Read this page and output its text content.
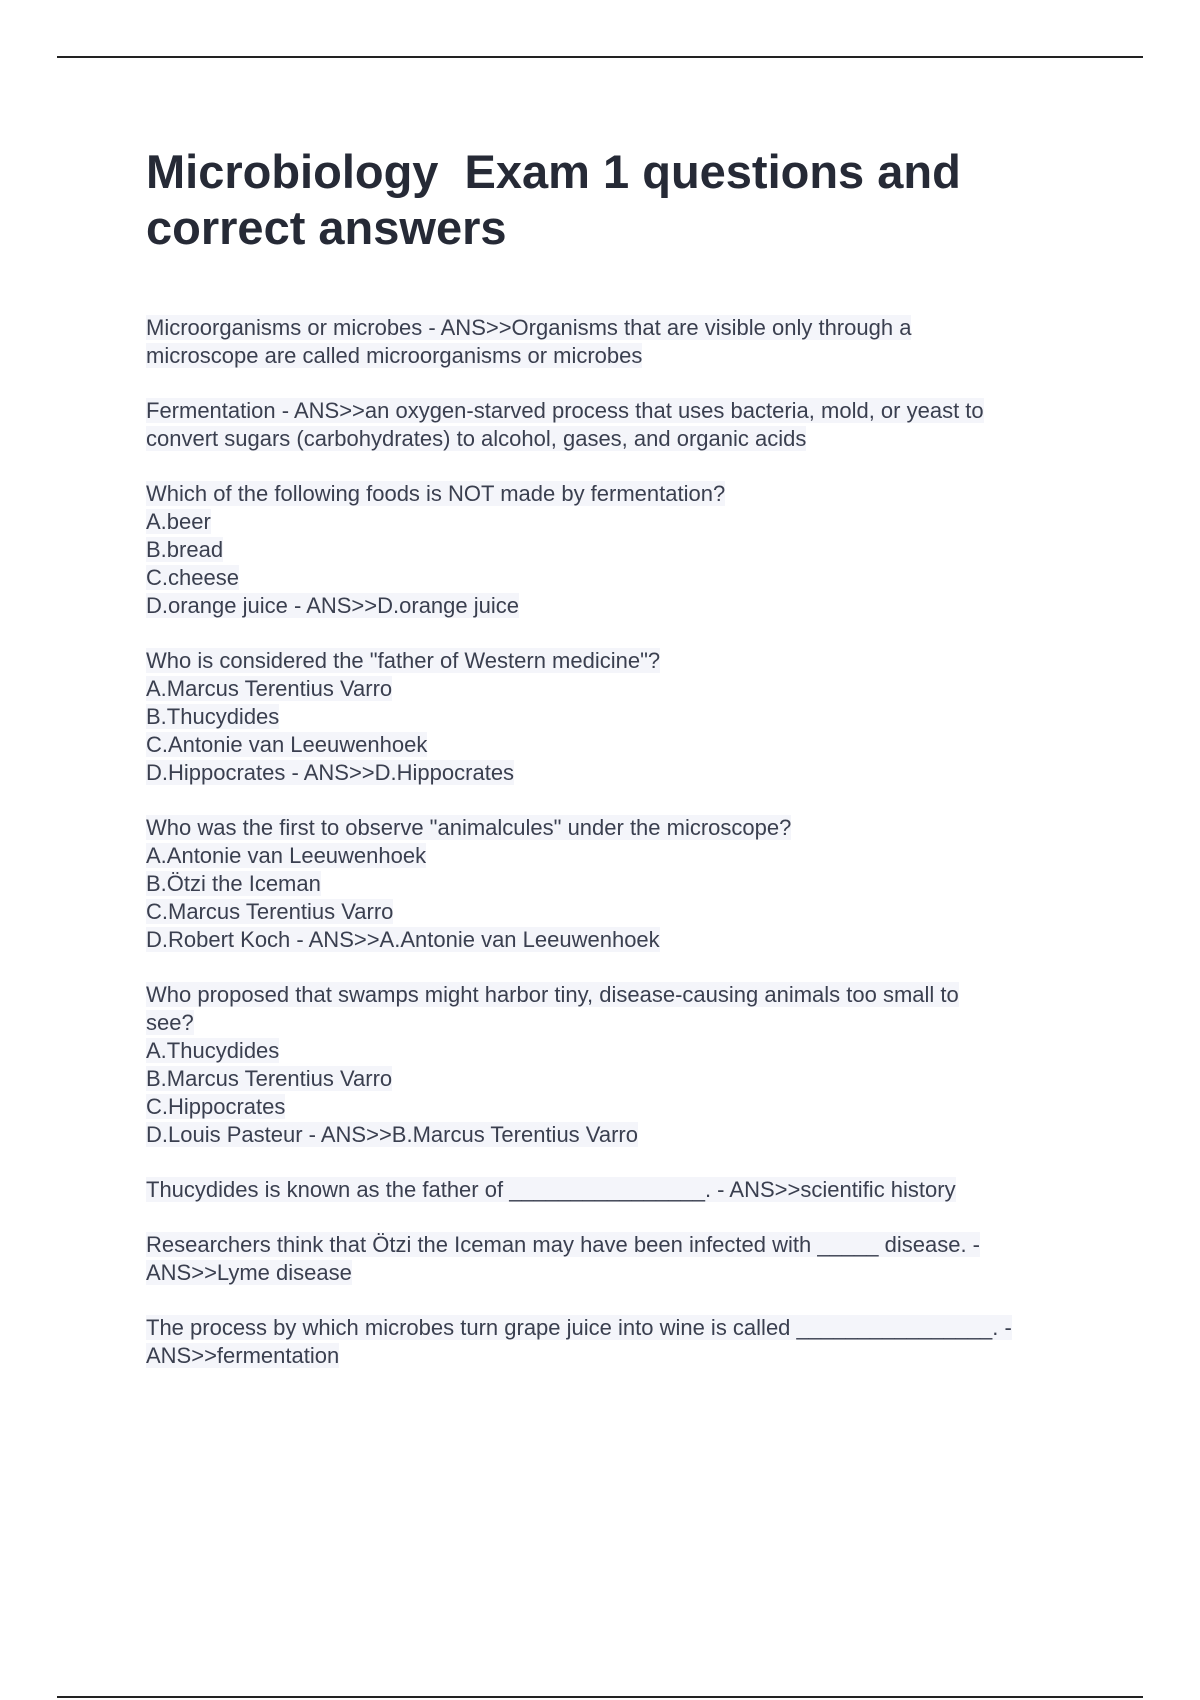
Microbiology  Exam 1 questions and
correct answers
Microorganisms or microbes - ANS>>Organisms that are visible only through a
microscope are called microorganisms or microbes
Fermentation - ANS>>an oxygen-starved process that uses bacteria, mold, or yeast to
convert sugars (carbohydrates) to alcohol, gases, and organic acids
Which of the following foods is NOT made by fermentation?
A.beer
B.bread
C.cheese
D.orange juice - ANS>>D.orange juice
Who is considered the "father of Western medicine"?
A.Marcus Terentius Varro
B.Thucydides
C.Antonie van Leeuwenhoek
D.Hippocrates - ANS>>D.Hippocrates
Who was the first to observe "animalcules" under the microscope?
A.Antonie van Leeuwenhoek
B.Ötzi the Iceman
C.Marcus Terentius Varro
D.Robert Koch - ANS>>A.Antonie van Leeuwenhoek
Who proposed that swamps might harbor tiny, disease-causing animals too small to
see?
A.Thucydides
B.Marcus Terentius Varro
C.Hippocrates
D.Louis Pasteur - ANS>>B.Marcus Terentius Varro
Thucydides is known as the father of ________________. - ANS>>scientific history
Researchers think that Ötzi the Iceman may have been infected with _____ disease. -
ANS>>Lyme disease
The process by which microbes turn grape juice into wine is called ________________. -
ANS>>fermentation
